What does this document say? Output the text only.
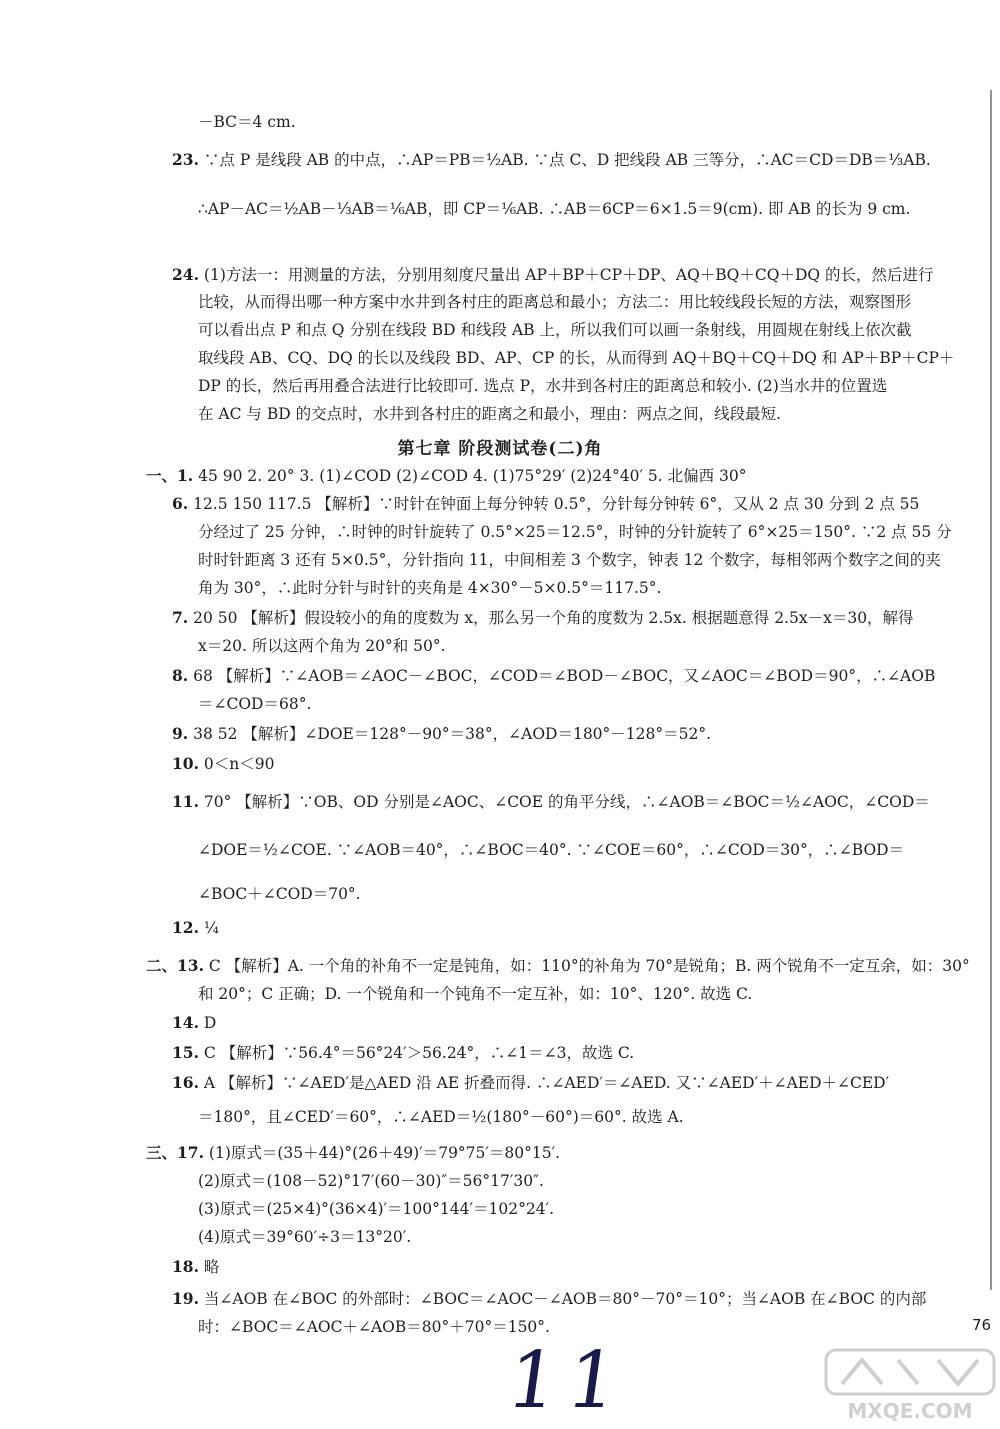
－BC＝4 cm.
23. ∵点 P 是线段 AB 的中点，∴AP＝PB＝½AB. ∵点 C、D 把线段 AB 三等分，∴AC＝CD＝DB＝⅓AB.
∴AP－AC＝½AB－⅓AB＝⅙AB，即 CP＝⅙AB. ∴AB＝6CP＝6×1.5＝9(cm). 即 AB 的长为 9 cm.
24. (1)方法一：用测量的方法，分别用刻度尺量出 AP＋BP＋CP＋DP、AQ＋BQ＋CQ＋DQ 的长，然后进行
比较，从而得出哪一种方案中水井到各村庄的距离总和最小；方法二：用比较线段长短的方法，观察图形
可以看出点 P 和点 Q 分别在线段 BD 和线段 AB 上，所以我们可以画一条射线，用圆规在射线上依次截
取线段 AB、CQ、DQ 的长以及线段 BD、AP、CP 的长，从而得到 AQ＋BQ＋CQ＋DQ 和 AP＋BP＋CP＋
DP 的长，然后再用叠合法进行比较即可. 选点 P，水井到各村庄的距离总和较小. (2)当水井的位置选
在 AC 与 BD 的交点时，水井到各村庄的距离之和最小，理由：两点之间，线段最短.
第七章 阶段测试卷(二)角
一、1. 45 90 2. 20° 3. (1)∠COD (2)∠COD 4. (1)75°29′ (2)24°40′ 5. 北偏西 30°
6. 12.5 150 117.5 【解析】∵时针在钟面上每分钟转 0.5°，分针每分钟转 6°，又从 2 点 30 分到 2 点 55
分经过了 25 分钟，∴时钟的时针旋转了 0.5°×25＝12.5°，时钟的分针旋转了 6°×25＝150°. ∵2 点 55 分
时时针距离 3 还有 5×0.5°，分针指向 11，中间相差 3 个数字，钟表 12 个数字，每相邻两个数字之间的夹
角为 30°，∴此时分针与时针的夹角是 4×30°－5×0.5°＝117.5°.
7. 20 50 【解析】假设较小的角的度数为 x，那么另一个角的度数为 2.5x. 根据题意得 2.5x－x＝30，解得
x＝20. 所以这两个角为 20°和 50°.
8. 68 【解析】∵∠AOB＝∠AOC－∠BOC，∠COD＝∠BOD－∠BOC，又∠AOC＝∠BOD＝90°，∴∠AOB
＝∠COD＝68°.
9. 38 52 【解析】∠DOE＝128°－90°＝38°，∠AOD＝180°－128°＝52°.
10. 0＜n＜90
11. 70° 【解析】∵OB、OD 分别是∠AOC、∠COE 的角平分线，∴∠AOB＝∠BOC＝½∠AOC，∠COD＝
∠DOE＝½∠COE. ∵∠AOB＝40°，∴∠BOC＝40°. ∵∠COE＝60°，∴∠COD＝30°，∴∠BOD＝
∠BOC＋∠COD＝70°.
12. ¼
二、13. C 【解析】A. 一个角的补角不一定是钝角，如：110°的补角为 70°是锐角；B. 两个锐角不一定互余，如：30°
和 20°；C 正确；D. 一个锐角和一个钝角不一定互补，如：10°、120°. 故选 C.
14. D
15. C 【解析】∵56.4°＝56°24′＞56.24°，∴∠1＝∠3，故选 C.
16. A 【解析】∵∠AED′是△AED 沿 AE 折叠而得. ∴∠AED′＝∠AED. 又∵∠AED′＋∠AED＋∠CED′
＝180°，且∠CED′＝60°，∴∠AED＝½(180°－60°)＝60°. 故选 A.
三、17. (1)原式＝(35＋44)°(26＋49)′＝79°75′＝80°15′.
(2)原式＝(108－52)°17′(60－30)″＝56°17′30″.
(3)原式＝(25×4)°(36×4)′＝100°144′＝102°24′.
(4)原式＝39°60′÷3＝13°20′.
18. 略
19. 当∠AOB 在∠BOC 的外部时：∠BOC＝∠AOC－∠AOB＝80°－70°＝10°；当∠AOB 在∠BOC 的内部
时：∠BOC＝∠AOC＋∠AOB＝80°＋70°＝150°.	76
11	MXQE.COM
